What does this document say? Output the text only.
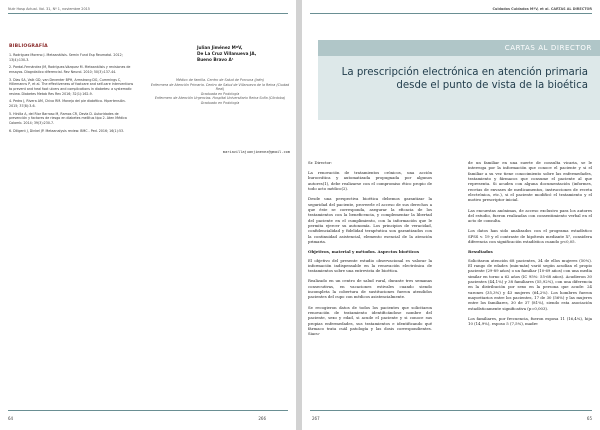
Nutr Hosp Actual. Vol. 31, Nº 1, noviembre 2015
BIBLIOGRAFÍA
1. Rodríguez Moreno J. Metaanálisis. Semin Fund Esp Reumatol. 2012; 13(4):130-3.
2. Pardal-Fernández JM, Rodríguez-Vázquez M. Metaanálisis y revisiones de ensayos. Diagnóstico diferencial. Rev Neurol. 2010; 50(3):137-44.
3. Dias SA, Valk GD, van Deventer BPH, Armstrong DG, Cummings C, Hillemanns P, et al. The effectiveness of footcare and self-care interventions to prevent and heal foot ulcers and complications in diabetes: a systematic review. Diabetes Metab Res Rev 2016; 32(1):162-9.
4. Pedro J, Rivera AM, Chiva RM. Manejo del pie diabético. Hipertensión. 2015; 37(8):3-6.
5. Hinilla A, del Rior Barroso M, Ramos CR, Devla D. Autoridades de prevención y factores de riesgo en diabetes mellitus tipo 2. Aten Médica Colomb. 2014; 39(3):230-7.
6. Diligent J, Dinkel JP. Metaanalysis review. BMC - Ped. 2016; 16(1):53.
Julian Jiménez MªV,
De La Cruz Villanueva JA,
Bueno Bravo A¹
Médico de familia. Centro de Salud de Porcuna (Jaén)
Enfermera de Atención Primaria. Centro de Salud de Villanueva de la Reina (Ciudad Real)
Graduada en Podología
Enfermero de Atención Urgencias. Hospital Universitario Reina Sofía (Córdoba)
Graduado en Podología
mariavillajuanjimenez@gmail.com
64	266
Cuidados Cuidados MªV, et al. CARTAS AL DIRECTOR
CARTAS AL DIRECTOR
La prescripción electrónica en atención primaria
desde el punto de vista de la bioética

Sr. Director:

La renovación de tratamientos crónicos, una acción burocrática y automatizada propugnada por algunos autores(1), debe realizarse con el compromiso ético propio de todo acto médico(2).

Desde una perspectiva bioética debemos garantizar la seguridad del paciente, proveerle el acceso de sus derechos a que éste se corresponda, asegurar la eficacia de los tratamientos con la beneficencia, y complementar la libertad del paciente en el cumplimiento, con la información que le permita ejercer su autonomía. Los principios de veracidad, confidencialidad y fidelidad terapéutica son garantizados con la continuidad asistencial, elemento esencial de la atención primaria.

Objetivos, material y métodos. Aspectos bioéticos

El objetivo del presente estudio observacional es valorar la información indispensable en la renovación electrónica de tratamientos sobre una entrevista de bioética.

Realizado en un centro de salud rural, durante tres semanas consecutivas, en vacaciones estivales cuando siendo incompleta la cobertura de sustituciones fueron atendidos pacientes del cupo con médicos asistencialmente.

Se recogieron datos de todos los pacientes que solicitaron renovación de tratamiento identificándose nombre del paciente, sexo y edad, si acude el paciente y si conoce sus propias enfermedades, sus tratamientos e identificando qué fármaco trata cuál patología y las dosis correspondientes. Siacu-

de un familiar en una suerte de consulta vicaria, se le interroga por la información que conoce el paciente y si el familiar a su vez tiene conocimiento sobre las enfermedades, tratamiento y fármacos que consume el paciente al que representa. Si acuden con alguna documentación (informes, recetas de envases de medicamentos, instrucciones de receta electrónica, etc.), si el paciente modificó el tratamiento y el motivo prescriptor inicial.

Las encuestas anónimas, de acceso exclusivo para los autores del estudio, fueron realizadas con consentimiento verbal en el acto de consulta.

Los datos han sido analizados con el programa estadístico SPSS v. 19 y el contraste de hipótesis mediante X², considera diferencia con significación estadística cuando p<0,05.

Resultados

Solicitaron atención 68 pacientes, 34 de ellos mujeres (50%). El rango de edades (min-máx) varió según acudían el propio paciente (29-89 años) o un familiar (10-69 años) con una media similar en torno a 62 años (IC 95%: 55-68 años). Acudieron 30 pacientes (44,1%) y 38 familiares (55,92%), con una diferencia en la distribución por sexo en la persona que acude: 24 varones (35,3%) y 43 mujeres (64,2%). Los hombres fueron mayoritarios entre los pacientes, 17 de 30 (56%) y las mujeres entre los familiares, 30 de 37 (81%), siendo esta asociación estadísticamente significativa (p=0,003).

Los familiares, por frecuencia, fueron esposa 11 (16,4%), hija 10 (14,9%), esposo 5 (7,5%), madre

267	65
